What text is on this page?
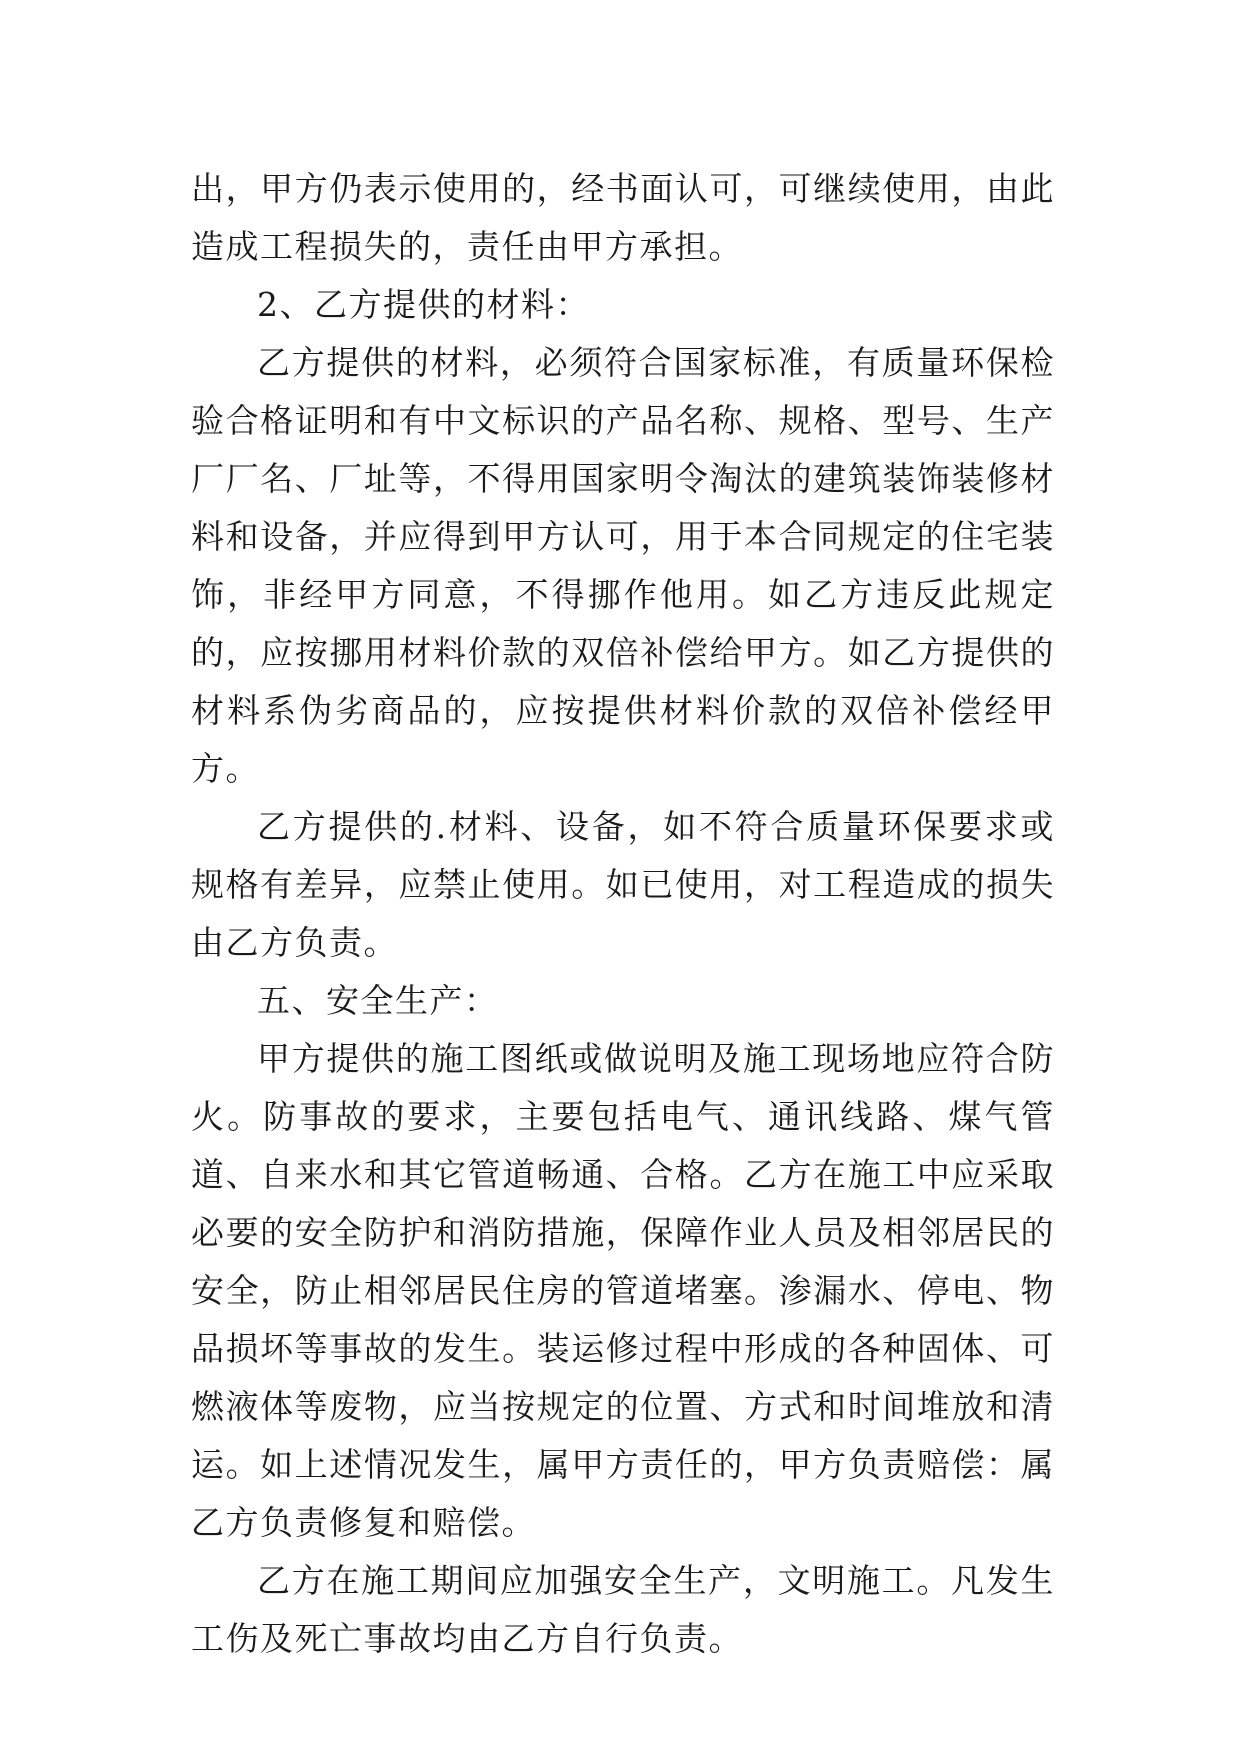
出，甲方仍表示使用的，经书面认可，可继续使用，由此造成工程损失的，责任由甲方承担。

2、乙方提供的材料：

乙方提供的材料，必须符合国家标准，有质量环保检验合格证明和有中文标识的产品名称、规格、型号、生产厂厂名、厂址等，不得用国家明令淘汰的建筑装饰装修材料和设备，并应得到甲方认可，用于本合同规定的住宅装饰，非经甲方同意，不得挪作他用。如乙方违反此规定的，应按挪用材料价款的双倍补偿给甲方。如乙方提供的材料系伪劣商品的，应按提供材料价款的双倍补偿经甲方。

乙方提供的.材料、设备，如不符合质量环保要求或规格有差异，应禁止使用。如已使用，对工程造成的损失由乙方负责。

五、安全生产：

甲方提供的施工图纸或做说明及施工现场地应符合防火。防事故的要求，主要包括电气、通讯线路、煤气管道、自来水和其它管道畅通、合格。乙方在施工中应采取必要的安全防护和消防措施，保障作业人员及相邻居民的安全，防止相邻居民住房的管道堵塞。渗漏水、停电、物品损坏等事故的发生。装运修过程中形成的各种固体、可燃液体等废物，应当按规定的位置、方式和时间堆放和清运。如上述情况发生，属甲方责任的，甲方负责赔偿：属乙方负责修复和赔偿。

乙方在施工期间应加强安全生产，文明施工。凡发生工伤及死亡事故均由乙方自行负责。
